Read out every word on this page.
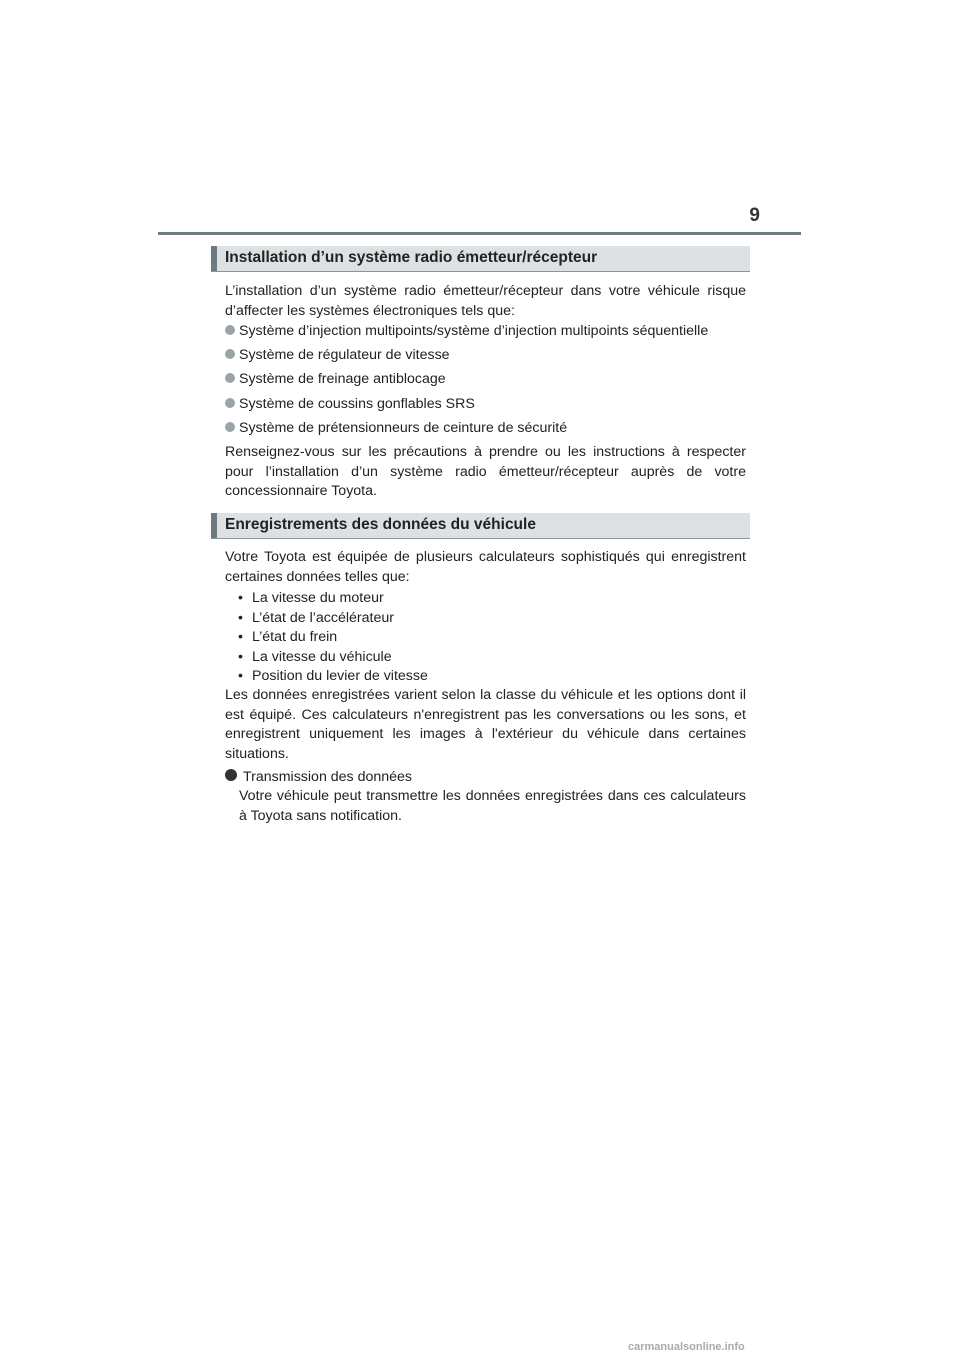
9
Installation d’un système radio émetteur/récepteur
L’installation d’un système radio émetteur/récepteur dans votre véhicule risque d’affecter les systèmes électroniques tels que:
Système d’injection multipoints/système d’injection multipoints séquentielle
Système de régulateur de vitesse
Système de freinage antiblocage
Système de coussins gonflables SRS
Système de prétensionneurs de ceinture de sécurité
Renseignez-vous sur les précautions à prendre ou les instructions à respecter pour l’installation d’un système radio émetteur/récepteur auprès de votre concessionnaire Toyota.
Enregistrements des données du véhicule
Votre Toyota est équipée de plusieurs calculateurs sophistiqués qui enregistrent certaines données telles que:
• La vitesse du moteur
• L’état de l’accélérateur
• L’état du frein
• La vitesse du véhicule
• Position du levier de vitesse
Les données enregistrées varient selon la classe du véhicule et les options dont il est équipé. Ces calculateurs n'enregistrent pas les conversations ou les sons, et enregistrent uniquement les images à l'extérieur du véhicule dans certaines situations.
Transmission des données
Votre véhicule peut transmettre les données enregistrées dans ces calculateurs à Toyota sans notification.
carmanualsonline.info
